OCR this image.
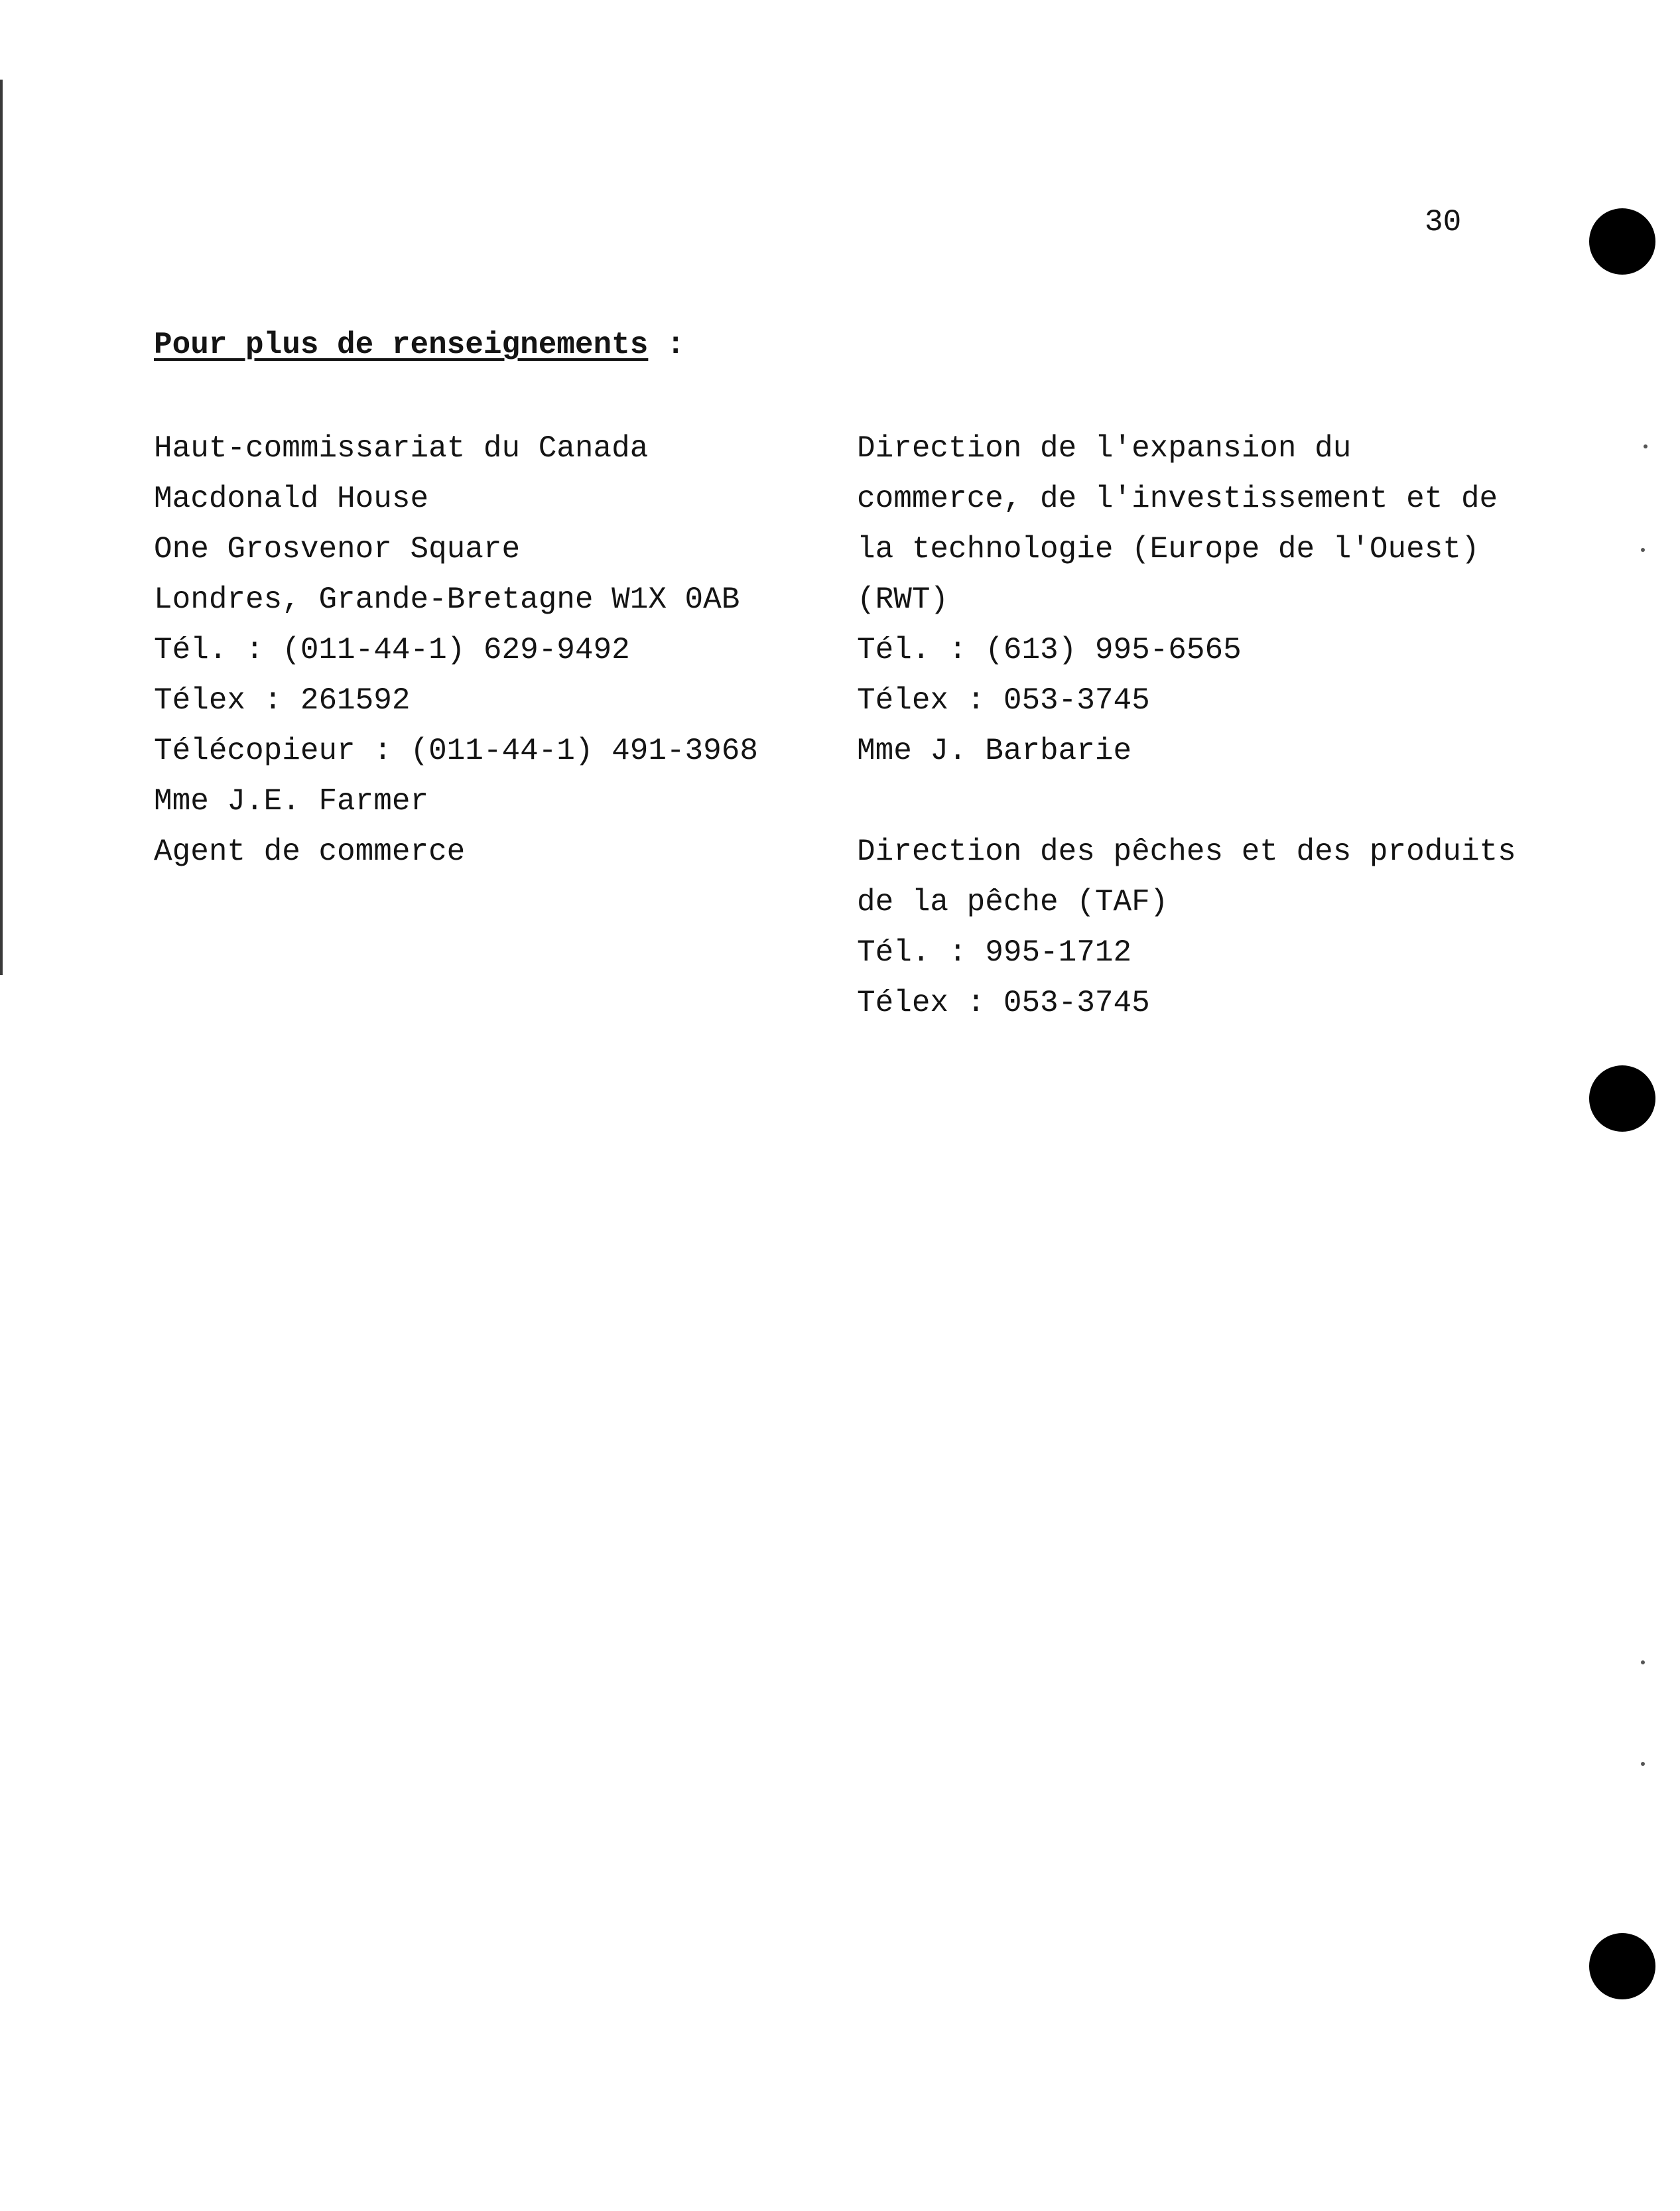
30
Pour plus de renseignements :
Haut-commissariat du Canada
Macdonald House
One Grosvenor Square
Londres, Grande-Bretagne W1X 0AB
Tél. : (011-44-1) 629-9492
Télex : 261592
Télécopieur : (011-44-1) 491-3968
Mme J.E. Farmer
Agent de commerce
Direction de l'expansion du
commerce, de l'investissement et de
la technologie (Europe de l'Ouest)
(RWT)
Tél. : (613) 995-6565
Télex : 053-3745
Mme J. Barbarie
Direction des pêches et des produits
de la pêche (TAF)
Tél. : 995-1712
Télex : 053-3745
